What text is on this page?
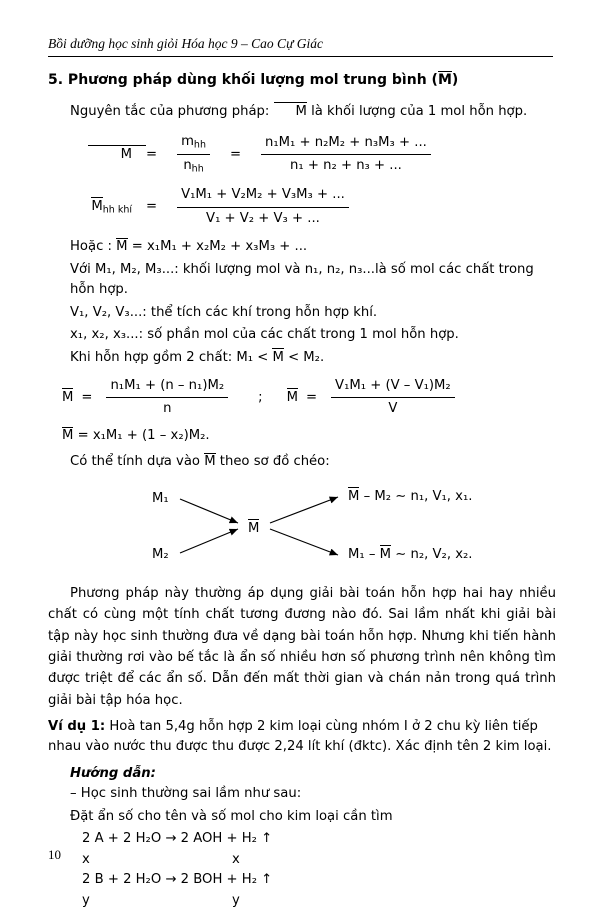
Bồi dưỡng học sinh giỏi Hóa học 9 – Cao Cự Giác
5. Phương pháp dùng khối lượng mol trung bình (M)
Nguyên tắc của phương pháp: M là khối lượng của 1 mol hỗn hợp.
M	=	$\frac{m_{hh}}{n_{hh}}$	=	$\frac{\text{n₁M₁ + n₂M₂ + n₃M₃ + ...}}{\text{n₁ + n₂ + n₃ + ...}}$
$M_{hh khí}$	=	$\frac{\text{V₁M₁ + V₂M₂ + V₃M₃ + ...}}{\text{V₁ + V₂ + V₃ + ...}}$
Hoặc : M = x₁M₁ + x₂M₂ + x₃M₃ + ...
Với M₁, M₂, M₃...: khối lượng mol và n₁, n₂, n₃...là số mol các chất trong hỗn hợp.
V₁, V₂, V₃...: thể tích các khí trong hỗn hợp khí.
x₁, x₂, x₃...: số phần mol của các chất trong 1 mol hỗn hợp.
Khi hỗn hợp gồm 2 chất: M₁ < M < M₂.
$M = \frac{\text{n₁M₁ + (n – n₁)M₂}}{n}$	;	$M = \frac{\text{V₁M₁ + (V – V₁)M₂}}{V}$
M = x₁M₁ + (1 – x₂)M₂.
Có thể tính dựa vào M theo sơ đồ chéo:
M₁
M
M₂
M – M₂ ∼ n₁, V₁, x₁.
M₁ – M ∼ n₂, V₂, x₂.
Phương pháp này thường áp dụng giải bài toán hỗn hợp hai hay nhiều chất có cùng một tính chất tương đương nào đó. Sai lầm nhất khi giải bài tập này học sinh thường đưa về dạng bài toán hỗn hợp. Nhưng khi tiến hành giải thường rơi vào bế tắc là ẩn số nhiều hơn số phương trình nên không tìm được triệt để các ẩn số. Dẫn đến mất thời gian và chán nản trong quá trình giải bài tập hóa học.
Ví dụ 1: Hoà tan 5,4g hỗn hợp 2 kim loại cùng nhóm I ở 2 chu kỳ liên tiếp nhau vào nước thu được thu được 2,24 lít khí (đktc). Xác định tên 2 kim loại.
Hướng dẫn:
– Học sinh thường sai lầm như sau:
Đặt ẩn số cho tên và số mol cho kim loại cần tìm
2 A + 2 H₂O → 2 AOH + H₂ ↑
x	x
2 B + 2 H₂O → 2 BOH + H₂ ↑
y	y
10
